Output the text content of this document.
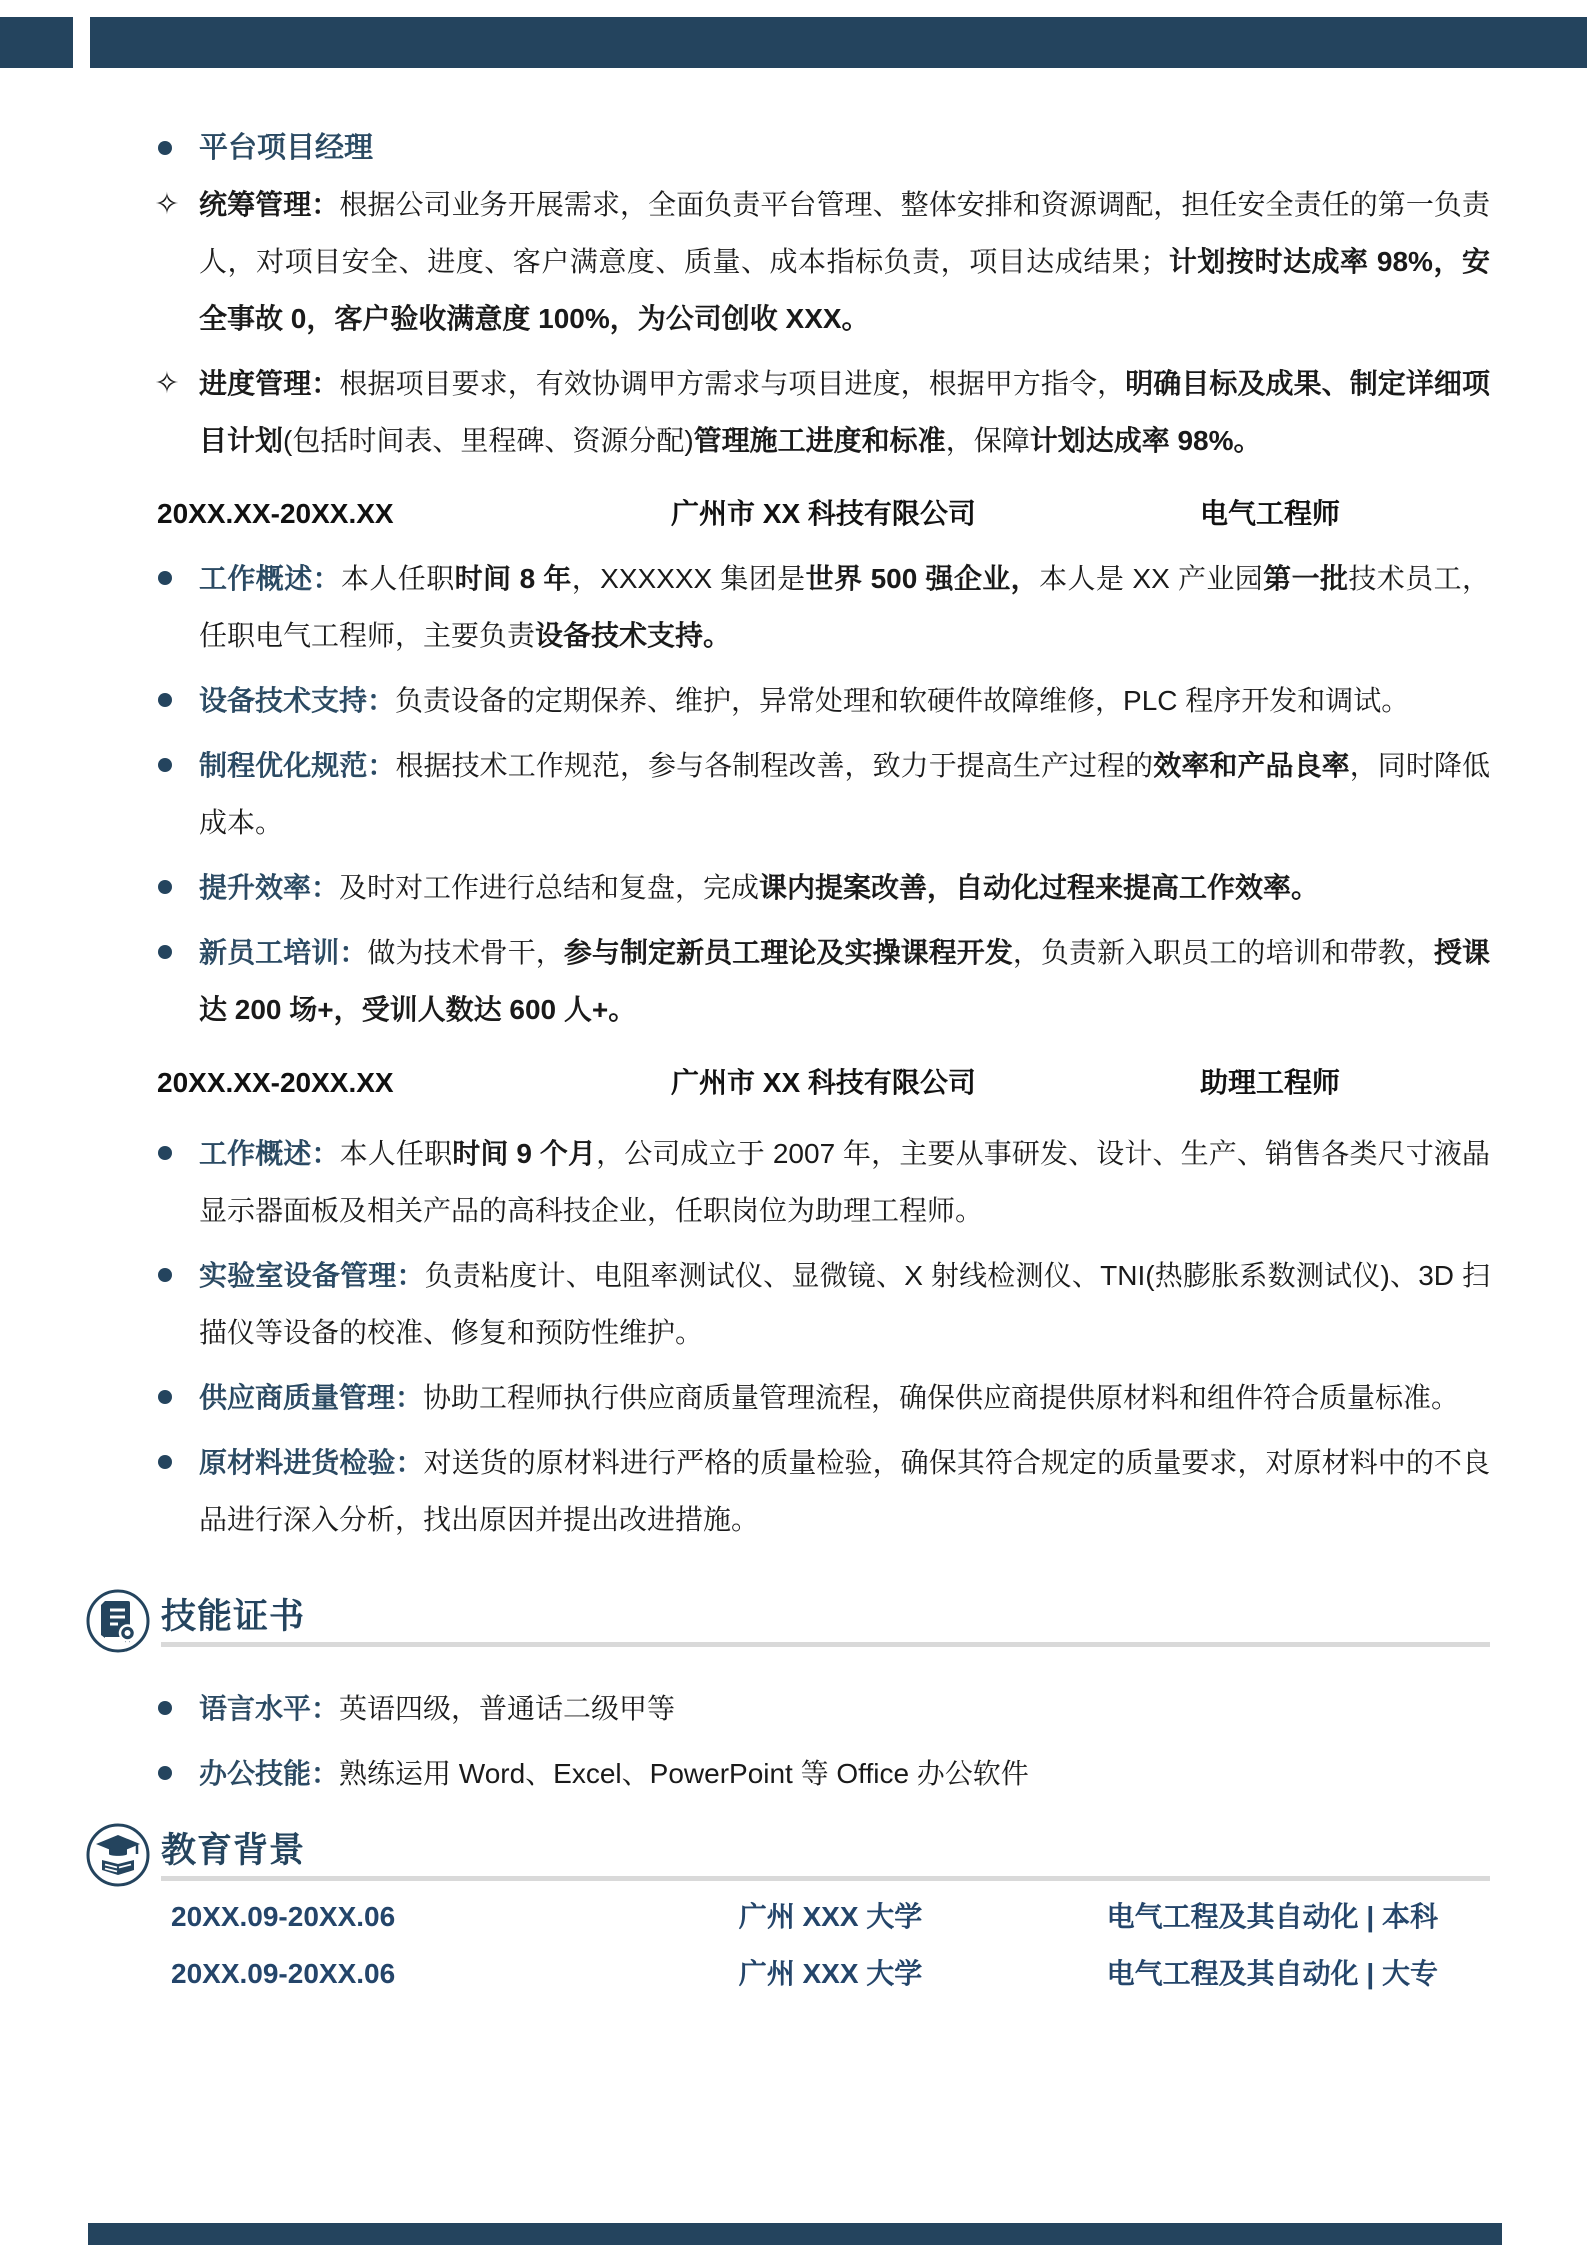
平台项目经理
✧ 统筹管理：根据公司业务开展需求，全面负责平台管理、整体安排和资源调配，担任安全责任的第一负责人，对项目安全、进度、客户满意度、质量、成本指标负责，项目达成结果；计划按时达成率 98%，安全事故 0，客户验收满意度 100%，为公司创收 XXX。
✧ 进度管理：根据项目要求，有效协调甲方需求与项目进度，根据甲方指令，明确目标及成果、制定详细项目计划(包括时间表、里程碑、资源分配)管理施工进度和标准，保障计划达成率 98%。
20XX.XX-20XX.XX	广州市 XX 科技有限公司	电气工程师
工作概述：本人任职时间 8 年，XXXXXX 集团是世界 500 强企业，本人是 XX 产业园第一批技术员工，任职电气工程师，主要负责设备技术支持。
设备技术支持：负责设备的定期保养、维护，异常处理和软硬件故障维修，PLC 程序开发和调试。
制程优化规范：根据技术工作规范，参与各制程改善，致力于提高生产过程的效率和产品良率，同时降低成本。
提升效率：及时对工作进行总结和复盘，完成课内提案改善，自动化过程来提高工作效率。
新员工培训：做为技术骨干，参与制定新员工理论及实操课程开发，负责新入职员工的培训和带教，授课达 200 场+，受训人数达 600 人+。
20XX.XX-20XX.XX	广州市 XX 科技有限公司	助理工程师
工作概述：本人任职时间 9 个月，公司成立于 2007 年，主要从事研发、设计、生产、销售各类尺寸液晶显示器面板及相关产品的高科技企业，任职岗位为助理工程师。
实验室设备管理：负责粘度计、电阻率测试仪、显微镜、X 射线检测仪、TNI(热膨胀系数测试仪)、3D 扫描仪等设备的校准、修复和预防性维护。
供应商质量管理：协助工程师执行供应商质量管理流程，确保供应商提供原材料和组件符合质量标准。
原材料进货检验：对送货的原材料进行严格的质量检验，确保其符合规定的质量要求，对原材料中的不良品进行深入分析，找出原因并提出改进措施。
技能证书
语言水平：英语四级，普通话二级甲等
办公技能：熟练运用 Word、Excel、PowerPoint 等 Office 办公软件
教育背景
20XX.09-20XX.06	广州 XXX 大学	电气工程及其自动化 | 本科
20XX.09-20XX.06	广州 XXX 大学	电气工程及其自动化 | 大专
